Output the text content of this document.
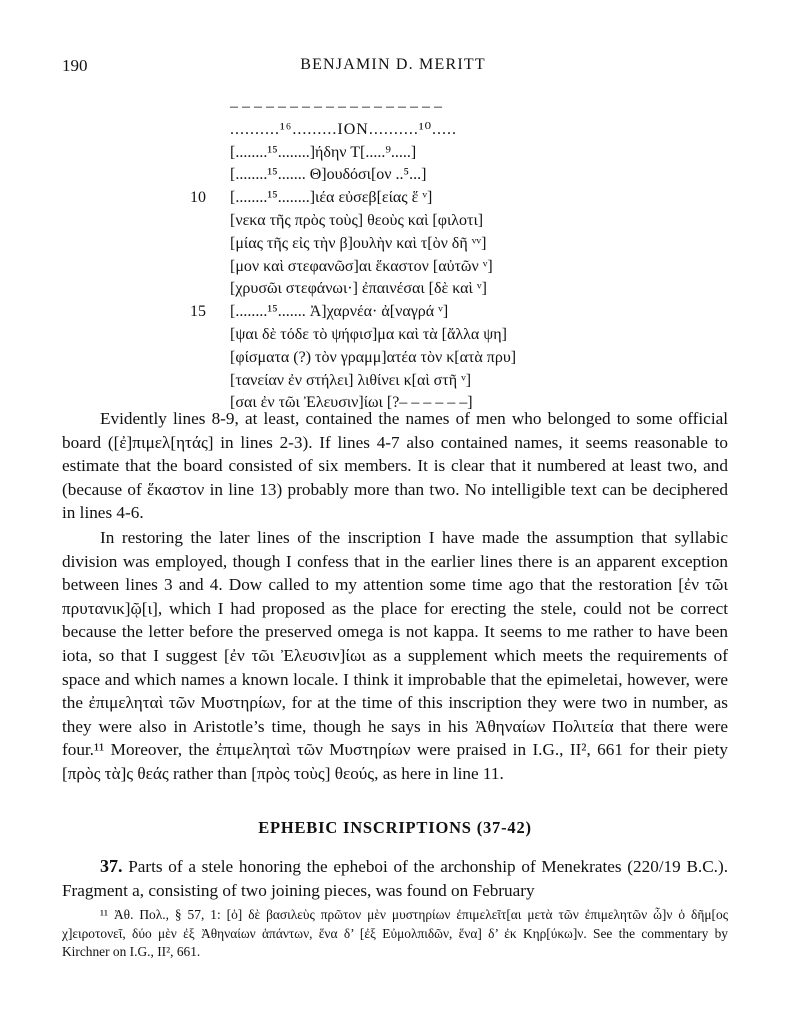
190	BENJAMIN D. MERITT
– – – – – – – – – – – – – – – – – –
..........¹⁶.........ΙΟΝ..........¹⁰.....
[........¹⁵........]ήδην Τ[.....⁹.....]
[........¹⁵....... Θ]ουδόσι[ον ..⁵...]
10	[........¹⁵........]ιέα εὐσεβ[είας ἕ ᵛ]
[νεκα τῆς πρὸς τοὺς] θεοὺς καὶ [φιλοτι]
[μίας τῆς εἰς τὴν β]ουλὴν καὶ τ[ὸν δῆ ᵛᵛ]
[μον καὶ στεφανῶσ]αι ἕκαστον [αὐτῶν ᵛ]
[χρυσῶι στεφάνωι·] ἐπαινέσαι [δὲ καὶ ᵛ]
15	[........¹⁵....... Ἀ]χαρνέα· ἀ[ναγρά ᵛ]
[ψαι δὲ τόδε τὸ ψήφισ]μα καὶ τὰ [ἄλλα ψη]
[φίσματα (?) τὸν γραμμ]ατέα τὸν κ[ατὰ πρυ]
[τανείαν ἐν στήλει] λιθίνει κ[αὶ στῆ ᵛ]
[σαι ἐν τῶι Ἐλευσιν]ίωι [?– – – – – –]

Evidently lines 8-9, at least, contained the names of men who belonged to some official board ([ἐ]πιμελ[ητάς] in lines 2-3). If lines 4-7 also contained names, it seems reasonable to estimate that the board consisted of six members. It is clear that it numbered at least two, and (because of ἕκαστον in line 13) probably more than two. No intelligible text can be deciphered in lines 4-6.

In restoring the later lines of the inscription I have made the assumption that syllabic division was employed, though I confess that in the earlier lines there is an apparent exception between lines 3 and 4. Dow called to my attention some time ago that the restoration [ἐν τῶι πρυτανικ]ῷ[ι], which I had proposed as the place for erecting the stele, could not be correct because the letter before the preserved omega is not kappa. It seems to me rather to have been iota, so that I suggest [ἐν τῶι Ἐλευσιν]ίωι as a supplement which meets the requirements of space and which names a known locale. I think it improbable that the epimeletai, however, were the ἐπιμεληταὶ τῶν Μυστηρίων, for at the time of this inscription they were two in number, as they were also in Aristotle’s time, though he says in his Ἀθηναίων Πολιτεία that there were four.¹¹ Moreover, the ἐπιμεληταὶ τῶν Μυστηρίων were praised in I.G., II², 661 for their piety [πρὸς τὰ]ς θεάς rather than [πρὸς τοὺς] θεούς, as here in line 11.

EPHEBIC INSCRIPTIONS (37-42)

37. Parts of a stele honoring the epheboi of the archonship of Menekrates (220/19 B.C.). Fragment a, consisting of two joining pieces, was found on February

¹¹ Ἀθ. Πολ., § 57, 1: [ὁ] δὲ βασιλεὺς πρῶτον μὲν μυστηρίων ἐπιμελεῖτ[αι μετὰ τῶν ἐπιμελητῶν ὧ]ν ὁ δῆμ[ος χ]ειροτονεῖ, δύο μὲν ἐξ Ἀθηναίων ἁπάντων, ἕνα δ’ [ἐξ Εὐμολπιδῶν, ἕνα] δ’ ἐκ Κηρ[ύκω]ν. See the commentary by Kirchner on I.G., II², 661.
